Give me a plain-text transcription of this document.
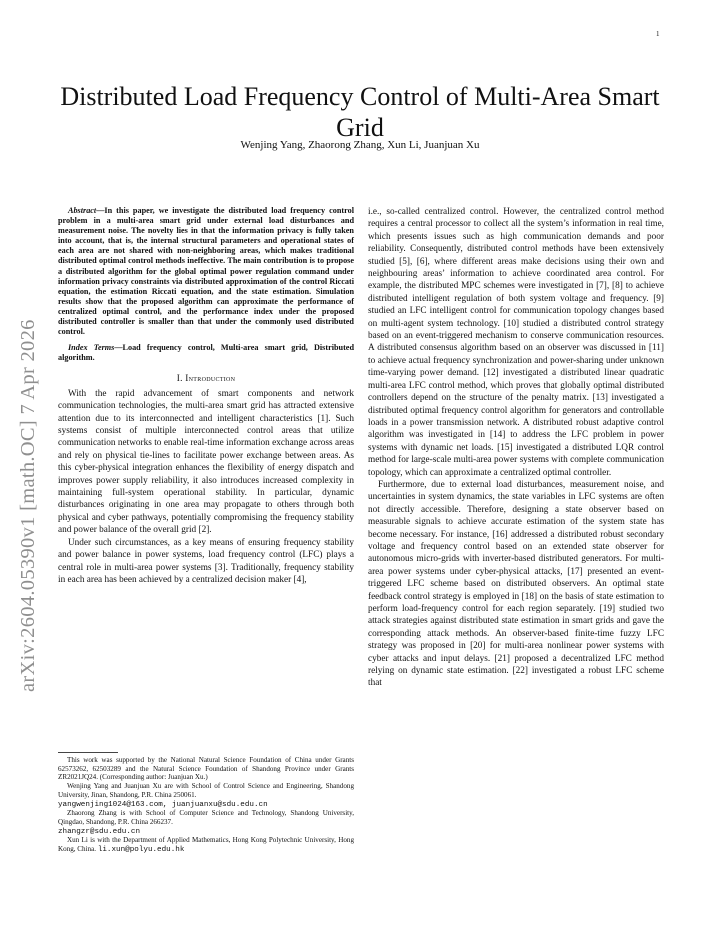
1
arXiv:2604.05390v1 [math.OC] 7 Apr 2026
Distributed Load Frequency Control of Multi-Area Smart Grid
Wenjing Yang, Zhaorong Zhang, Xun Li, Juanjuan Xu

Abstract—In this paper, we investigate the distributed load frequency control problem in a multi-area smart grid under external load disturbances and measurement noise. The novelty lies in that the information privacy is fully taken into account, that is, the internal structural parameters and operational states of each area are not shared with non-neighboring areas, which makes traditional distributed optimal control methods ineffective. The main contribution is to propose a distributed algorithm for the global optimal power regulation command under information privacy constraints via distributed approximation of the control Riccati equation, the estimation Riccati equation, and the state estimation. Simulation results show that the proposed algorithm can approximate the performance of centralized optimal control, and the performance index under the proposed distributed controller is smaller than that under the commonly used distributed control.

Index Terms—Load frequency control, Multi-area smart grid, Distributed algorithm.

I. Introduction

With the rapid advancement of smart components and network communication technologies, the multi-area smart grid has attracted extensive attention due to its interconnected and intelligent characteristics [1]. Such systems consist of multiple interconnected control areas that utilize communication networks to enable real-time information exchange across areas and rely on physical tie-lines to facilitate power exchange between areas. As this cyber-physical integration enhances the flexibility of energy dispatch and improves power supply reliability, it also introduces increased complexity in maintaining full-system operational stability. In particular, dynamic disturbances originating in one area may propagate to others through both physical and cyber pathways, potentially compromising the frequency stability and power balance of the overall grid [2].

Under such circumstances, as a key means of ensuring frequency stability and power balance in power systems, load frequency control (LFC) plays a central role in multi-area power systems [3]. Traditionally, frequency stability in each area has been achieved by a centralized decision maker [4],

This work was supported by the National Natural Science Foundation of China under Grants 62573262, 62503289 and the Natural Science Foundation of Shandong Province under Grants ZR2021JQ24. (Corresponding author: Juanjuan Xu.)

Wenjing Yang and Juanjuan Xu are with School of Control Science and Engineering, Shandong University, Jinan, Shandong, P.R. China 250061.

yangwenjing1024@163.com, juanjuanxu@sdu.edu.cn

Zhaorong Zhang is with School of Computer Science and Technology, Shandong University, Qingdao, Shandong, P.R. China 266237.

zhangzr@sdu.edu.cn

Xun Li is with the Department of Applied Mathematics, Hong Kong Polytechnic University, Hong Kong, China. li.xun@polyu.edu.hk

i.e., so-called centralized control. However, the centralized control method requires a central processor to collect all the system’s information in real time, which presents issues such as high communication demands and poor reliability. Consequently, distributed control methods have been extensively studied [5], [6], where different areas make decisions using their own and neighbouring areas’ information to achieve coordinated area control. For example, the distributed MPC schemes were investigated in [7], [8] to achieve distributed intelligent regulation of both system voltage and frequency. [9] studied an LFC intelligent control for communication topology changes based on multi-agent system technology. [10] studied a distributed control strategy based on an event-triggered mechanism to conserve communication resources. A distributed consensus algorithm based on an observer was discussed in [11] to achieve actual frequency synchronization and power-sharing under unknown time-varying power demand. [12] investigated a distributed linear quadratic multi-area LFC control method, which proves that globally optimal distributed controllers depend on the structure of the penalty matrix. [13] investigated a distributed optimal frequency control algorithm for generators and controllable loads in a power transmission network. A distributed robust adaptive control algorithm was investigated in [14] to address the LFC problem in power systems with dynamic net loads. [15] investigated a distributed LQR control method for large-scale multi-area power systems with complete communication topology, which can approximate a centralized optimal controller.

Furthermore, due to external load disturbances, measurement noise, and uncertainties in system dynamics, the state variables in LFC systems are often not directly accessible. Therefore, designing a state observer based on measurable signals to achieve accurate estimation of the system state has become necessary. For instance, [16] addressed a distributed robust secondary voltage and frequency control based on an extended state observer for autonomous micro-grids with inverter-based distributed generators. For multi-area power systems under cyber-physical attacks, [17] presented an event-triggered LFC scheme based on distributed observers. An optimal state feedback control strategy is employed in [18] on the basis of state estimation to perform load-frequency control for each region separately. [19] studied two attack strategies against distributed state estimation in smart grids and gave the corresponding attack methods. An observer-based finite-time fuzzy LFC strategy was proposed in [20] for multi-area nonlinear power systems with cyber attacks and input delays. [21] proposed a decentralized LFC method relying on dynamic state estimation. [22] investigated a robust LFC scheme that
